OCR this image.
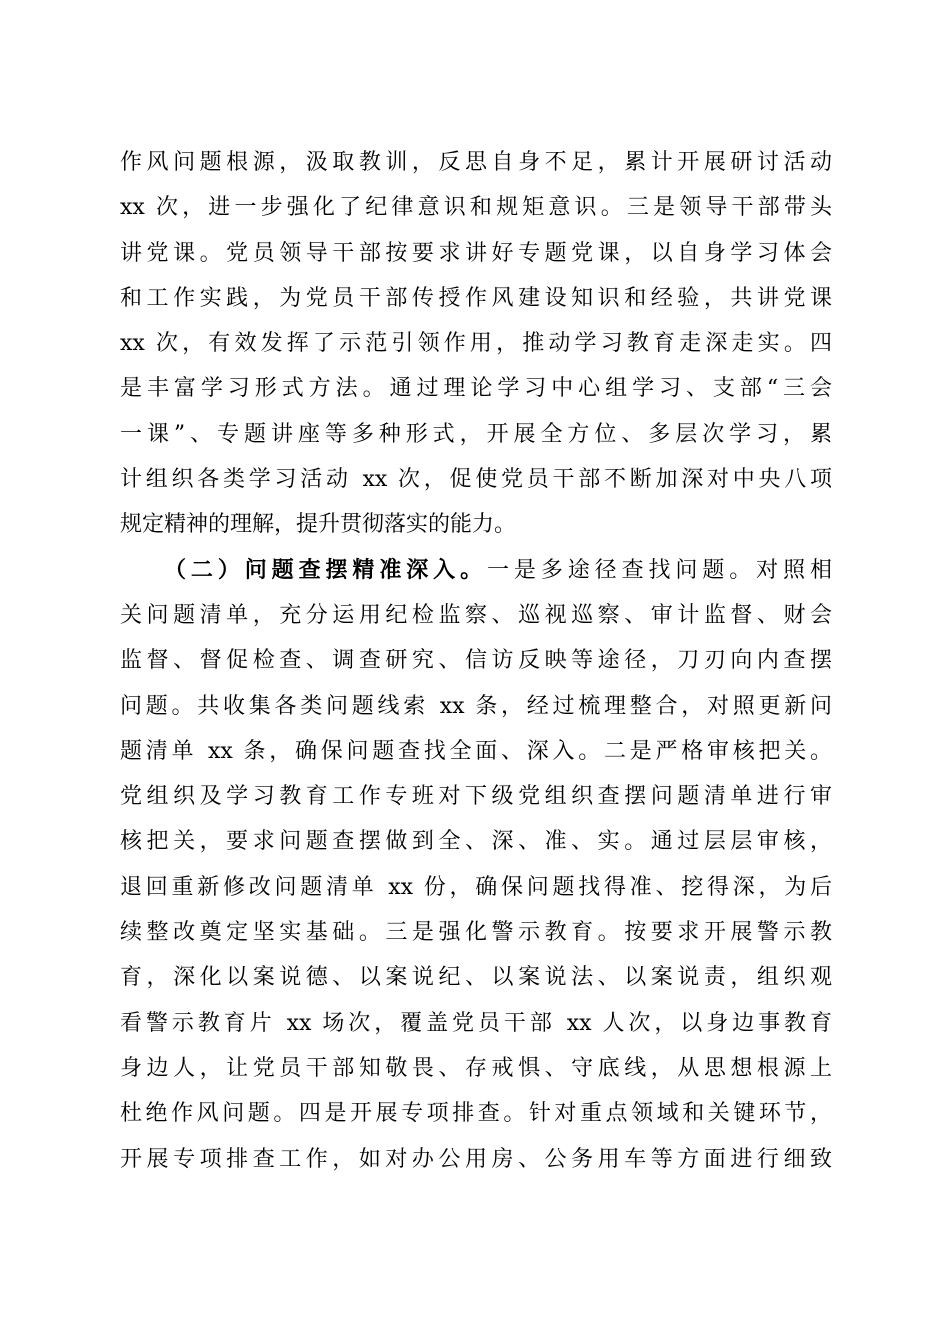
作风问题根源，汲取教训，反思自身不足，累计开展研讨活动
xx 次，进一步强化了纪律意识和规矩意识。三是领导干部带头
讲党课。党员领导干部按要求讲好专题党课，以自身学习体会
和工作实践，为党员干部传授作风建设知识和经验，共讲党课
xx 次，有效发挥了示范引领作用，推动学习教育走深走实。四
是丰富学习形式方法。通过理论学习中心组学习、支部“三会
一课”、专题讲座等多种形式，开展全方位、多层次学习，累
计组织各类学习活动 xx 次，促使党员干部不断加深对中央八项
规定精神的理解，提升贯彻落实的能力。
（二）问题查摆精准深入。一是多途径查找问题。对照相
关问题清单，充分运用纪检监察、巡视巡察、审计监督、财会
监督、督促检查、调查研究、信访反映等途径，刀刃向内查摆
问题。共收集各类问题线索 xx 条，经过梳理整合，对照更新问
题清单 xx 条，确保问题查找全面、深入。二是严格审核把关。
党组织及学习教育工作专班对下级党组织查摆问题清单进行审
核把关，要求问题查摆做到全、深、准、实。通过层层审核，
退回重新修改问题清单 xx 份，确保问题找得准、挖得深，为后
续整改奠定坚实基础。三是强化警示教育。按要求开展警示教
育，深化以案说德、以案说纪、以案说法、以案说责，组织观
看警示教育片 xx 场次，覆盖党员干部 xx 人次，以身边事教育
身边人，让党员干部知敬畏、存戒惧、守底线，从思想根源上
杜绝作风问题。四是开展专项排查。针对重点领域和关键环节，
开展专项排查工作，如对办公用房、公务用车等方面进行细致
